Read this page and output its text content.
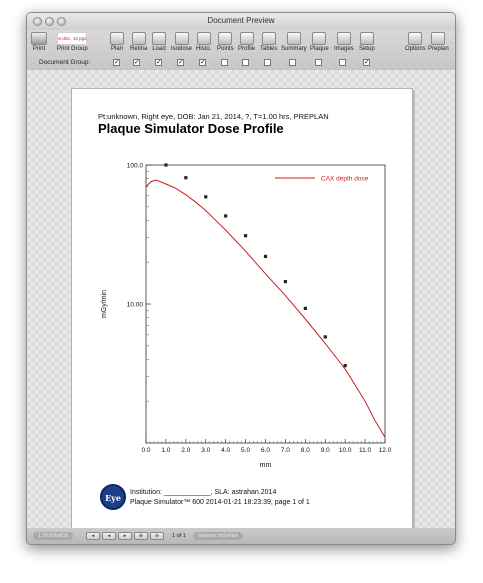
Document Preview
Print
6-disc, 13 pgs
Print Group	Plan Retina Load Isodose Histo. Points Profile Tables Summary Plaque Images Setup	Options Preplan
Document Group:	✓ ✓ ✓ ✓ ✓	✓
Pt:unknown, Right eye, DOB: Jan 21, 2014, ?, T=1.00 hrs, PREPLAN
Plaque Simulator Dose Profile
0.0 1.0 2.0 3.0 4.0 5.0 6.0 7.0 8.0 9.0 10.0 11.0 12.0
100.0
10.00
mm
mGy/min
CAX depth dose
Eye
Institution: ____________, SLA: astrahan.2014
Plaque Simulator™ 600 2014-01-21 18:23:39, page 1 of 1
1.00 816x816	◂	◂	▸	⊕	⊖	1 of 1	Isodose: mGy/min
